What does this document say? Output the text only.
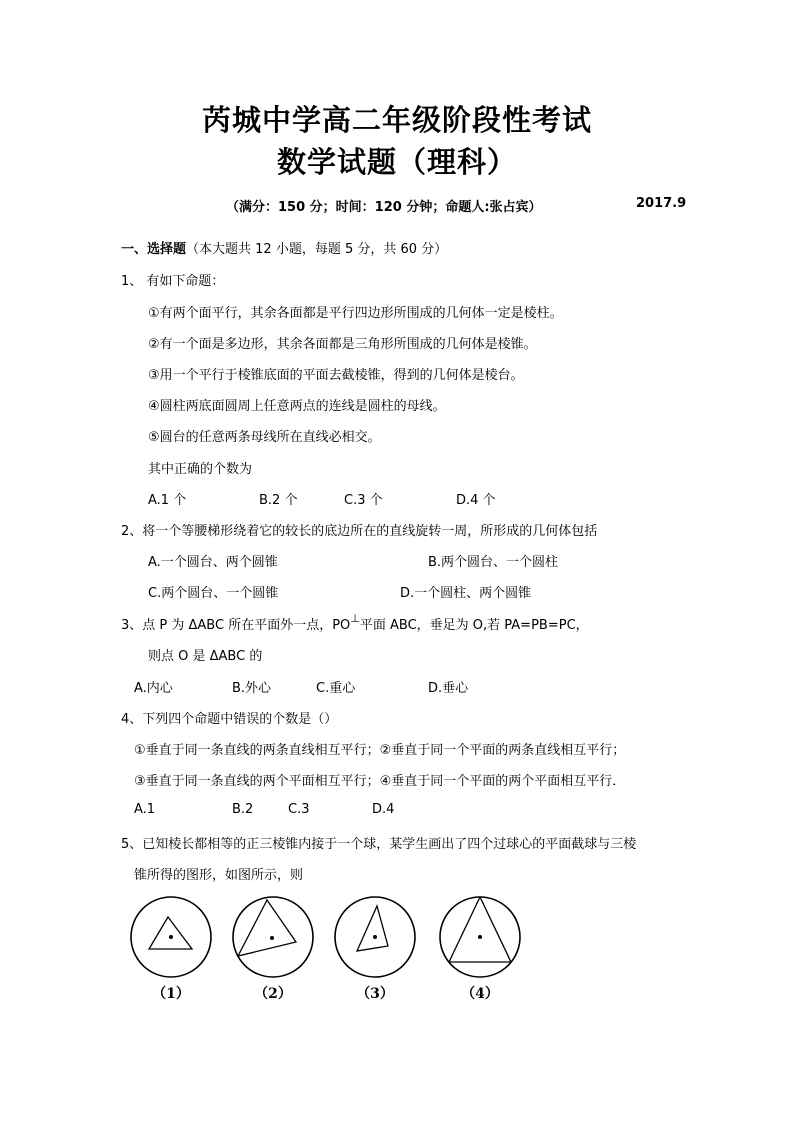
芮城中学高二年级阶段性考试
数学试题（理科）
（满分：150 分；时间：120 分钟；命题人:张占宾）	2017.9
一、选择题（本大题共 12 小题，每题 5 分，共 60 分）
1、 有如下命题：
①有两个面平行，其余各面都是平行四边形所围成的几何体一定是棱柱。
②有一个面是多边形，其余各面都是三角形所围成的几何体是棱锥。
③用一个平行于棱锥底面的平面去截棱锥，得到的几何体是棱台。
④圆柱两底面圆周上任意两点的连线是圆柱的母线。
⑤圆台的任意两条母线所在直线必相交。
其中正确的个数为
A.1 个	B.2 个	C.3 个	D.4 个
2、将一个等腰梯形绕着它的较长的底边所在的直线旋转一周，所形成的几何体包括
A.一个圆台、两个圆锥	B.两个圆台、一个圆柱
C.两个圆台、一个圆锥	D.一个圆柱、两个圆锥
3、点 P 为 ΔABC 所在平面外一点，PO⊥平面 ABC，垂足为 O,若 PA=PB=PC，
则点 O 是 ΔABC 的
A.内心	B.外心	C.重心	D.垂心
4、下列四个命题中错误的个数是（）
①垂直于同一条直线的两条直线相互平行；②垂直于同一个平面的两条直线相互平行；
③垂直于同一条直线的两个平面相互平行；④垂直于同一个平面的两个平面相互平行．
A.1	B.2	C.3	D.4
5、已知棱长都相等的正三棱锥内接于一个球，某学生画出了四个过球心的平面截球与三棱
锥所得的图形，如图所示，则
（1）	（2）	（3）	（4）
